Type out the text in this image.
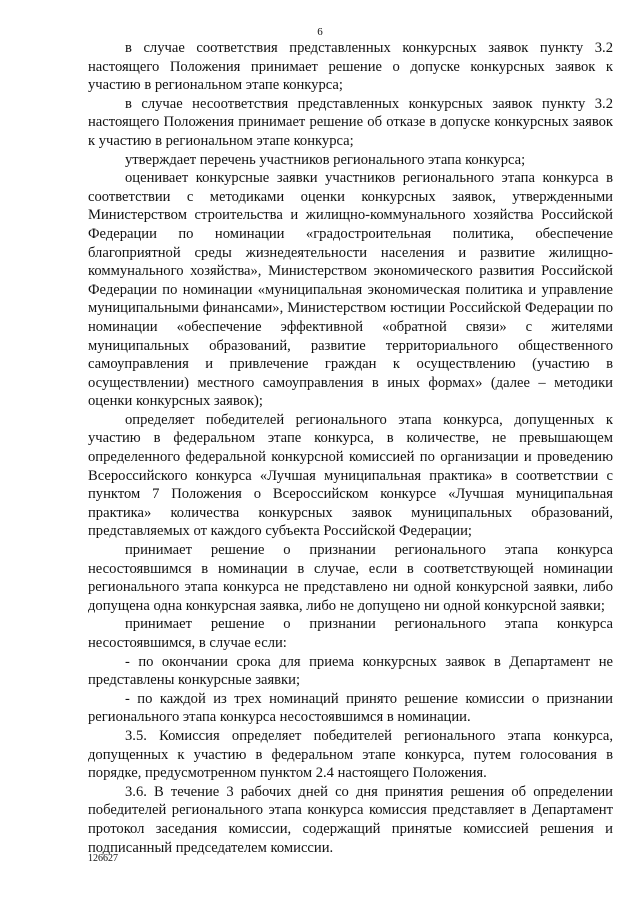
6

в случае соответствия представленных конкурсных заявок пункту 3.2 настоящего Положения принимает решение о допуске конкурсных заявок к участию в региональном этапе конкурса;

в случае несоответствия представленных конкурсных заявок пункту 3.2 настоящего Положения принимает решение об отказе в допуске конкурсных заявок к участию в региональном этапе конкурса;

утверждает перечень участников регионального этапа конкурса;

оценивает конкурсные заявки участников регионального этапа конкурса в соответствии с методиками оценки конкурсных заявок, утвержденными Министерством строительства и жилищно-коммунального хозяйства Российской Федерации по номинации «градостроительная политика, обеспечение благоприятной среды жизнедеятельности населения и развитие жилищно-коммунального хозяйства», Министерством экономического развития Российской Федерации по номинации «муниципальная экономическая политика и управление муниципальными финансами», Министерством юстиции Российской Федерации по номинации «обеспечение эффективной «обратной связи» с жителями муниципальных образований, развитие территориального общественного самоуправления и привлечение граждан к осуществлению (участию в осуществлении) местного самоуправления в иных формах» (далее – методики оценки конкурсных заявок);

определяет победителей регионального этапа конкурса, допущенных к участию в федеральном этапе конкурса, в количестве, не превышающем определенного федеральной конкурсной комиссией по организации и проведению Всероссийского конкурса «Лучшая муниципальная практика» в соответствии с пунктом 7 Положения о Всероссийском конкурсе «Лучшая муниципальная практика» количества конкурсных заявок муниципальных образований, представляемых от каждого субъекта Российской Федерации;

принимает решение о признании регионального этапа конкурса несостоявшимся в номинации в случае, если в соответствующей номинации регионального этапа конкурса не представлено ни одной конкурсной заявки, либо допущена одна конкурсная заявка, либо не допущено ни одной конкурсной заявки;

принимает решение о признании регионального этапа конкурса несостоявшимся, в случае если:

- по окончании срока для приема конкурсных заявок в Департамент не представлены конкурсные заявки;

- по каждой из трех номинаций принято решение комиссии о признании регионального этапа конкурса несостоявшимся в номинации.

3.5. Комиссия определяет победителей регионального этапа конкурса, допущенных к участию в федеральном этапе конкурса, путем голосования в порядке, предусмотренном пунктом 2.4 настоящего Положения.

3.6. В течение 3 рабочих дней со дня принятия решения об определении победителей регионального этапа конкурса комиссия представляет в Департамент протокол заседания комиссии, содержащий принятые комиссией решения и подписанный председателем комиссии.

126627
